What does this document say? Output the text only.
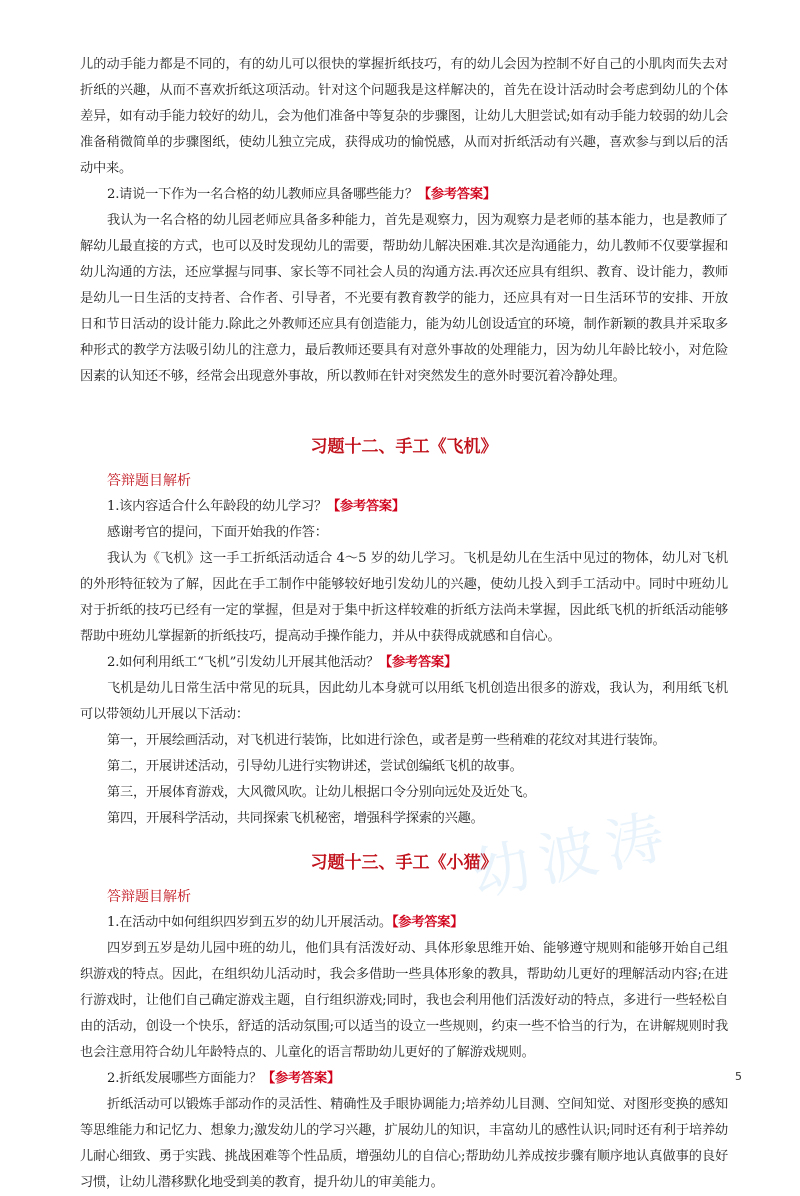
儿的动手能力都是不同的，有的幼儿可以很快的掌握折纸技巧，有的幼儿会因为控制不好自己的小肌肉而失去对折纸的兴趣，从而不喜欢折纸这项活动。针对这个问题我是这样解决的，首先在设计活动时会考虑到幼儿的个体差异，如有动手能力较好的幼儿，会为他们准备中等复杂的步骤图，让幼儿大胆尝试;如有动手能力较弱的幼儿会准备稍微简单的步骤图纸，使幼儿独立完成，获得成功的愉悦感，从而对折纸活动有兴趣，喜欢参与到以后的活动中来。

2.请说一下作为一名合格的幼儿教师应具备哪些能力？【参考答案】

我认为一名合格的幼儿园老师应具备多种能力，首先是观察力，因为观察力是老师的基本能力，也是教师了解幼儿最直接的方式，也可以及时发现幼儿的需要，帮助幼儿解决困难.其次是沟通能力，幼儿教师不仅要掌握和幼儿沟通的方法，还应掌握与同事、家长等不同社会人员的沟通方法.再次还应具有组织、教育、设计能力，教师是幼儿一日生活的支持者、合作者、引导者，不光要有教育教学的能力，还应具有对一日生活环节的安排、开放日和节日活动的设计能力.除此之外教师还应具有创造能力，能为幼儿创设适宜的环境，制作新颖的教具并采取多种形式的教学方法吸引幼儿的注意力，最后教师还要具有对意外事故的处理能力，因为幼儿年龄比较小，对危险因素的认知还不够，经常会出现意外事故，所以教师在针对突然发生的意外时要沉着冷静处理。

习题十二、手工《飞机》
答辩题目解析

1.该内容适合什么年龄段的幼儿学习？【参考答案】

感谢考官的提问，下面开始我的作答：

我认为《飞机》这一手工折纸活动适合 4～5 岁的幼儿学习。飞机是幼儿在生活中见过的物体，幼儿对飞机的外形特征较为了解，因此在手工制作中能够较好地引发幼儿的兴趣，使幼儿投入到手工活动中。同时中班幼儿对于折纸的技巧已经有一定的掌握，但是对于集中折这样较难的折纸方法尚未掌握，因此纸飞机的折纸活动能够帮助中班幼儿掌握新的折纸技巧，提高动手操作能力，并从中获得成就感和自信心。

2.如何利用纸工“飞机”引发幼儿开展其他活动？【参考答案】

飞机是幼儿日常生活中常见的玩具，因此幼儿本身就可以用纸飞机创造出很多的游戏，我认为，利用纸飞机可以带领幼儿开展以下活动：

第一，开展绘画活动，对飞机进行装饰，比如进行涂色，或者是剪一些稍难的花纹对其进行装饰。

第二，开展讲述活动，引导幼儿进行实物讲述，尝试创编纸飞机的故事。

第三，开展体育游戏，大风微风吹。让幼儿根据口令分别向远处及近处飞。

第四，开展科学活动，共同探索飞机秘密，增强科学探索的兴趣。

习题十三、手工《小猫》
答辩题目解析

1.在活动中如何组织四岁到五岁的幼儿开展活动。【参考答案】

四岁到五岁是幼儿园中班的幼儿，他们具有活泼好动、具体形象思维开始、能够遵守规则和能够开始自己组织游戏的特点。因此，在组织幼儿活动时，我会多借助一些具体形象的教具，帮助幼儿更好的理解活动内容;在进行游戏时，让他们自己确定游戏主题，自行组织游戏;同时，我也会利用他们活泼好动的特点，多进行一些轻松自由的活动，创设一个快乐，舒适的活动氛围;可以适当的设立一些规则，约束一些不恰当的行为，在讲解规则时我也会注意用符合幼儿年龄特点的、儿童化的语言帮助幼儿更好的了解游戏规则。

2.折纸发展哪些方面能力？【参考答案】

折纸活动可以锻炼手部动作的灵活性、精确性及手眼协调能力;培养幼儿目测、空间知觉、对图形变换的感知等思维能力和记忆力、想象力;激发幼儿的学习兴趣，扩展幼儿的知识，丰富幼儿的感性认识;同时还有利于培养幼儿耐心细致、勇于实践、挑战困难等个性品质，增强幼儿的自信心;帮助幼儿养成按步骤有顺序地认真做事的良好习惯，让幼儿潜移默化地受到美的教育，提升幼儿的审美能力。

幼波涛
5
